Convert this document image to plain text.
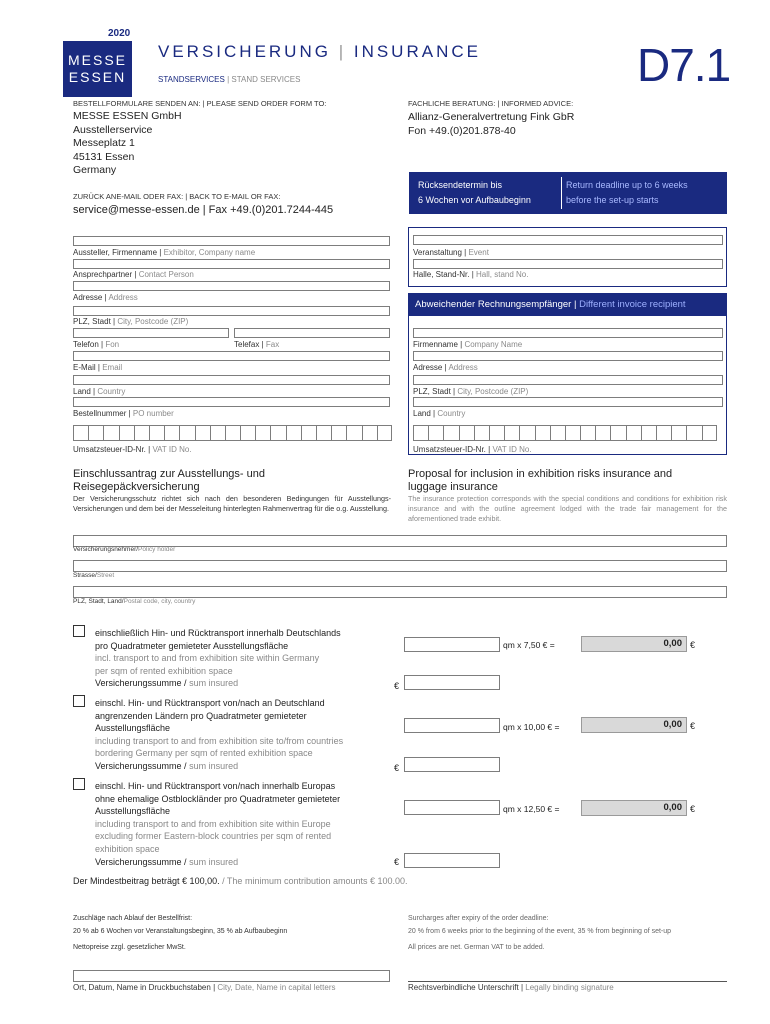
2020
MESSE
ESSEN
VERSICHERUNG | INSURANCE
STANDSERVICES | STAND SERVICES	D7.1
BESTELLFORMULARE SENDEN AN: | PLEASE SEND ORDER FORM TO:
MESSE ESSEN GmbH
Ausstellerservice
Messeplatz 1
45131 Essen
Germany
ZURÜCK ANE-MAIL ODER FAX: | BACK TO E-MAIL OR FAX:
service@messe-essen.de | Fax +49.(0)201.7244-445
FACHLICHE BERATUNG: | INFORMED ADVICE:
Allianz-Generalvertretung Fink GbR
Fon +49.(0)201.878-40
Rücksendetermin bis
6 Wochen vor Aufbaubeginn
Return deadline up to 6 weeks
before the set-up starts
Aussteller, Firmenname | Exhibitor, Company name
Ansprechpartner | Contact Person
Adresse | Address
PLZ, Stadt | City, Postcode (ZIP)
Telefon | Fon	Telefax | Fax
E-Mail | Email
Land | Country
Bestellnummer | PO number
Umsatzsteuer-ID-Nr. | VAT ID No.
Veranstaltung | Event
Halle, Stand-Nr. | Hall, stand No.
Abweichender Rechnungsempfänger | Different invoice recipient
Firmenname | Company Name
Adresse | Address
PLZ, Stadt | City, Postcode (ZIP)
Land | Country
Umsatzsteuer-ID-Nr. | VAT ID No.
Einschlussantrag zur Ausstellungs- und
Reisegepäckversicherung
Der Versicherungsschutz richtet sich nach den besonderen Bedingungen für Ausstellungs-Versicherungen und dem bei der Messeleitung hinterlegten Rahmenvertrag für die o.g. Ausstellung.
Proposal for inclusion in exhibition risks insurance and
luggage insurance
The insurance protection corresponds with the special conditions and conditions for exhibition risk insurance and with the outline agreement lodged with the trade fair management for the aforementioned trade exhibit.
Versicherungsnehmer/Policy holder
Strasse/Street
PLZ, Stadt, Land/Postal code, city, country
einschließlich Hin- und Rücktransport innerhalb Deutschlands
pro Quadratmeter gemieteter Ausstellungsfläche
incl. transport to and from exhibition site within Germany
per sqm of rented exhibition space
Versicherungssumme / sum insured
qm x 7,50 € =	0,00 €
€
einschl. Hin- und Rücktransport von/nach an Deutschland
angrenzenden Ländern pro Quadratmeter gemieteter
Ausstellungsfläche
including transport to and from exhibition site to/from countries
bordering Germany per sqm of rented exhibition space
Versicherungssumme / sum insured
qm x 10,00 € =	0,00 €
€
einschl. Hin- und Rücktransport von/nach innerhalb Europas
ohne ehemalige Ostblockländer pro Quadratmeter gemieteter
Ausstellungsfläche
including transport to and from exhibition site within Europe
excluding former Eastern-block countries per sqm of rented
exhibition space
Versicherungssumme / sum insured
qm x 12,50 € =	0,00 €
€
Der Mindestbeitrag beträgt € 100,00. / The minimum contribution amounts € 100.00.
Zuschläge nach Ablauf der Bestellfrist:
20 % ab 6 Wochen vor Veranstaltungsbeginn, 35 % ab Aufbaubeginn
Nettopreise zzgl. gesetzlicher MwSt.
Surcharges after expiry of the order deadline:
20 % from 6 weeks prior to the beginning of the event, 35 % from beginning of set-up
All prices are net. German VAT to be added.
Ort, Datum, Name in Druckbuchstaben | City, Date, Name in capital letters	Rechtsverbindliche Unterschrift | Legally binding signature
